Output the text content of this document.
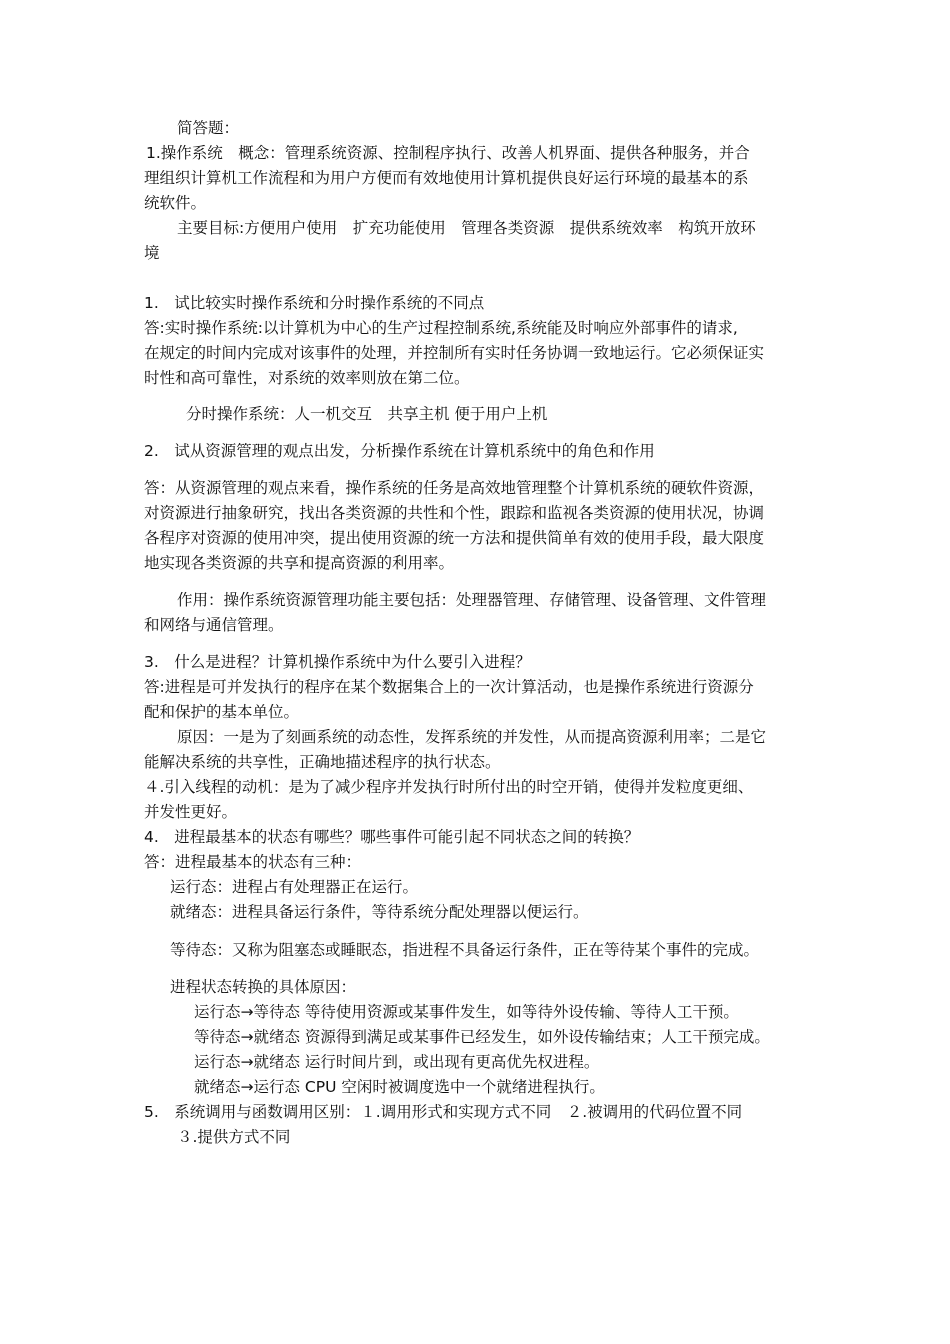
简答题：
1.操作系统　概念：管理系统资源、控制程序执行、改善人机界面、提供各种服务，并合
理组织计算机工作流程和为用户方便而有效地使用计算机提供良好运行环境的最基本的系
统软件。
主要目标:方便用户使用　扩充功能使用　管理各类资源　提供系统效率　构筑开放环
境
1.　试比较实时操作系统和分时操作系统的不同点
答:实时操作系统:以计算机为中心的生产过程控制系统,系统能及时响应外部事件的请求,
在规定的时间内完成对该事件的处理，并控制所有实时任务协调一致地运行。它必须保证实
时性和高可靠性，对系统的效率则放在第二位。
分时操作系统：人一机交互　共享主机 便于用户上机
2.　试从资源管理的观点出发，分析操作系统在计算机系统中的角色和作用
答：从资源管理的观点来看，操作系统的任务是高效地管理整个计算机系统的硬软件资源，
对资源进行抽象研究，找出各类资源的共性和个性，跟踪和监视各类资源的使用状况，协调
各程序对资源的使用冲突，提出使用资源的统一方法和提供简单有效的使用手段，最大限度
地实现各类资源的共享和提高资源的利用率。
作用：操作系统资源管理功能主要包括：处理器管理、存储管理、设备管理、文件管理
和网络与通信管理。
3.　什么是进程？计算机操作系统中为什么要引入进程？
答:进程是可并发执行的程序在某个数据集合上的一次计算活动，也是操作系统进行资源分
配和保护的基本单位。
原因：一是为了刻画系统的动态性，发挥系统的并发性，从而提高资源利用率；二是它
能解决系统的共享性，正确地描述程序的执行状态。
４.引入线程的动机：是为了减少程序并发执行时所付出的时空开销，使得并发粒度更细、
并发性更好。
4.　进程最基本的状态有哪些？哪些事件可能引起不同状态之间的转换？
答：进程最基本的状态有三种：
运行态：进程占有处理器正在运行。
就绪态：进程具备运行条件，等待系统分配处理器以便运行。
等待态：又称为阻塞态或睡眠态，指进程不具备运行条件，正在等待某个事件的完成。
进程状态转换的具体原因：
运行态→等待态 等待使用资源或某事件发生，如等待外设传输、等待人工干预。
等待态→就绪态 资源得到满足或某事件已经发生，如外设传输结束；人工干预完成。
运行态→就绪态 运行时间片到，或出现有更高优先权进程。
就绪态→运行态 CPU 空闲时被调度选中一个就绪进程执行。
5.　系统调用与函数调用区别：１.调用形式和实现方式不同　２.被调用的代码位置不同
３.提供方式不同
